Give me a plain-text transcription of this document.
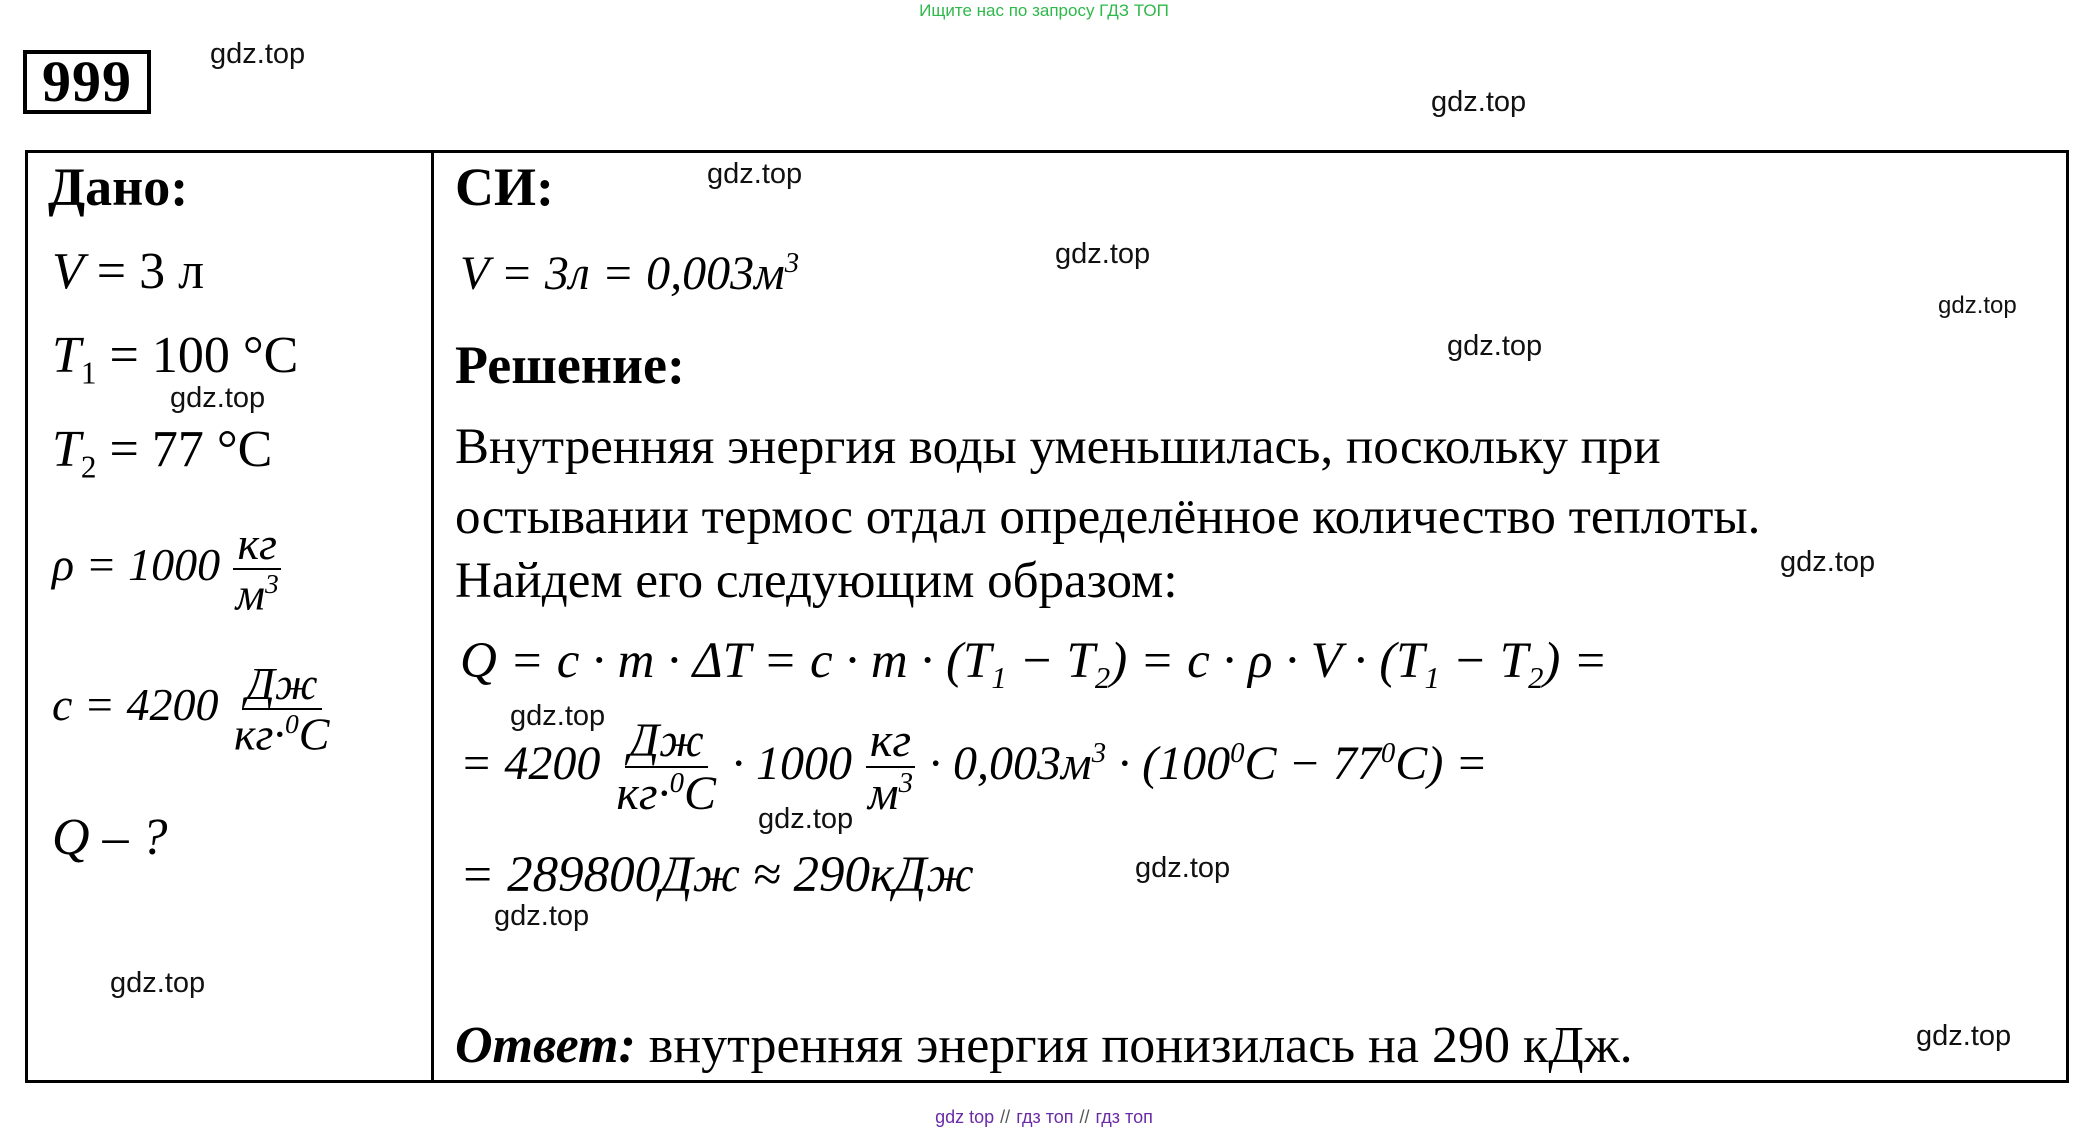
Ищите нас по запросу ГДЗ ТОП
999	gdz.top
gdz.top
gdz.top
gdz.top
gdz.top
gdz.top
gdz.top
gdz.top
gdz.top
gdz.top
gdz.top
gdz.top
gdz.top
gdz.top
Дано:
V = 3 л
$T_1 = 100$ °C
$T_2 = 77$ °C
$\rho = 1000 \frac{кг}{м^3}$
$c = 4200 \frac{Дж}{кг\cdot^0C}$
Q – ?
СИ:
$V = 3л = 0,003м^3$
Решение:
Внутренняя энергия воды уменьшилась, поскольку при
остывании термос отдал определённое количество теплоты.
Найдем его следующим образом:
$Q = c \cdot m \cdot \Delta T = c \cdot m \cdot (T_1 - T_2) = c \cdot \rho \cdot V \cdot (T_1 - T_2)$ =
= $4200 \frac{Дж}{кг\cdot^0C} \cdot 1000 \frac{кг}{м^3} \cdot 0,003м^3 \cdot (100^0C - 77^0C)$ =
= 289800Дж ≈ 290кДж
Ответ: внутренняя энергия понизилась на 290 кДж.
gdz top // гдз топ // гдз топ
